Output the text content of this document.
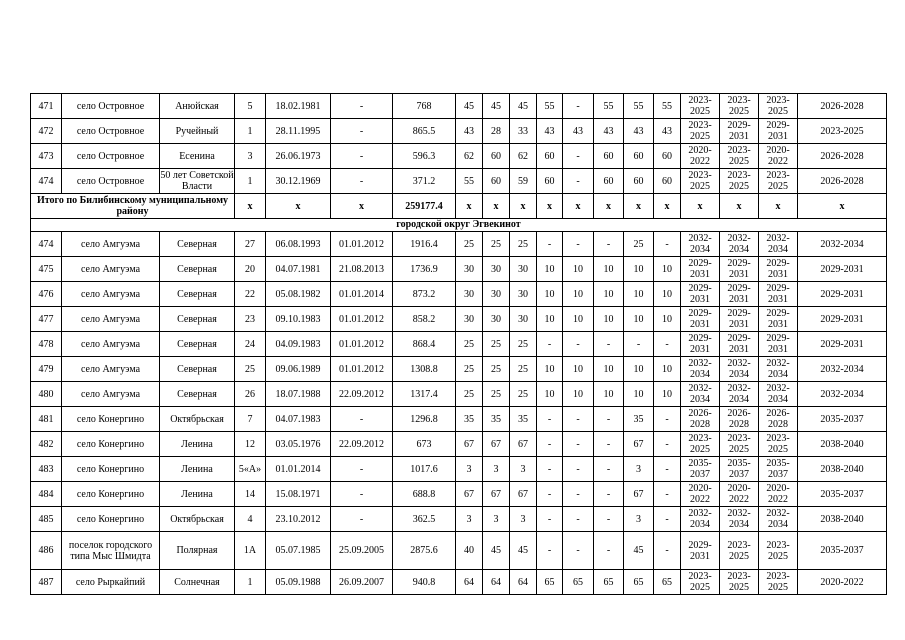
471	село Островное	Анюйская	5	18.02.1981	-	768	45	45	45	55	-	55	55	55	2023-2025	2023-2025	2023-2025	2026-2028
472	село Островное	Ручейный	1	28.11.1995	-	865.5	43	28	33	43	43	43	43	43	2023-2025	2029-2031	2029-2031	2023-2025
473	село Островное	Есенина	3	26.06.1973	-	596.3	62	60	62	60	-	60	60	60	2020-2022	2023-2025	2020-2022	2026-2028
474	село Островное	50 лет Советской Власти	1	30.12.1969	-	371.2	55	60	59	60	-	60	60	60	2023-2025	2023-2025	2023-2025	2026-2028
Итого по Билибинскому муниципальному району			x	x	x	259177.4	x	x	x	x	x	x	x	x	x	x	x	x
городской округ Эгвекинот																		
474	село Амгуэма	Северная	27	06.08.1993	01.01.2012	1916.4	25	25	25	-	-	-	25	-	2032-2034	2032-2034	2032-2034	2032-2034
475	село Амгуэма	Северная	20	04.07.1981	21.08.2013	1736.9	30	30	30	10	10	10	10	10	2029-2031	2029-2031	2029-2031	2029-2031
476	село Амгуэма	Северная	22	05.08.1982	01.01.2014	873.2	30	30	30	10	10	10	10	10	2029-2031	2029-2031	2029-2031	2029-2031
477	село Амгуэма	Северная	23	09.10.1983	01.01.2012	858.2	30	30	30	10	10	10	10	10	2029-2031	2029-2031	2029-2031	2029-2031
478	село Амгуэма	Северная	24	04.09.1983	01.01.2012	868.4	25	25	25	-	-	-	-	-	2029-2031	2029-2031	2029-2031	2029-2031
479	село Амгуэма	Северная	25	09.06.1989	01.01.2012	1308.8	25	25	25	10	10	10	10	10	2032-2034	2032-2034	2032-2034	2032-2034
480	село Амгуэма	Северная	26	18.07.1988	22.09.2012	1317.4	25	25	25	10	10	10	10	10	2032-2034	2032-2034	2032-2034	2032-2034
481	село Конергино	Октябрьская	7	04.07.1983	-	1296.8	35	35	35	-	-	-	35	-	2026-2028	2026-2028	2026-2028	2035-2037
482	село Конергино	Ленина	12	03.05.1976	22.09.2012	673	67	67	67	-	-	-	67	-	2023-2025	2023-2025	2023-2025	2038-2040
483	село Конергино	Ленина	5«А»	01.01.2014	-	1017.6	3	3	3	-	-	-	3	-	2035-2037	2035-2037	2035-2037	2038-2040
484	село Конергино	Ленина	14	15.08.1971	-	688.8	67	67	67	-	-	-	67	-	2020-2022	2020-2022	2020-2022	2035-2037
485	село Конергино	Октябрьская	4	23.10.2012	-	362.5	3	3	3	-	-	-	3	-	2032-2034	2032-2034	2032-2034	2038-2040
486	поселок городского типа Мыс Шмидта	Полярная	1А	05.07.1985	25.09.2005	2875.6	40	45	45	-	-	-	45	-	2029-2031	2023-2025	2023-2025	2035-2037
487	село Рыркайпий	Солнечная	1	05.09.1988	26.09.2007	940.8	64	64	64	65	65	65	65	65	2023-2025	2023-2025	2023-2025	2020-2022
